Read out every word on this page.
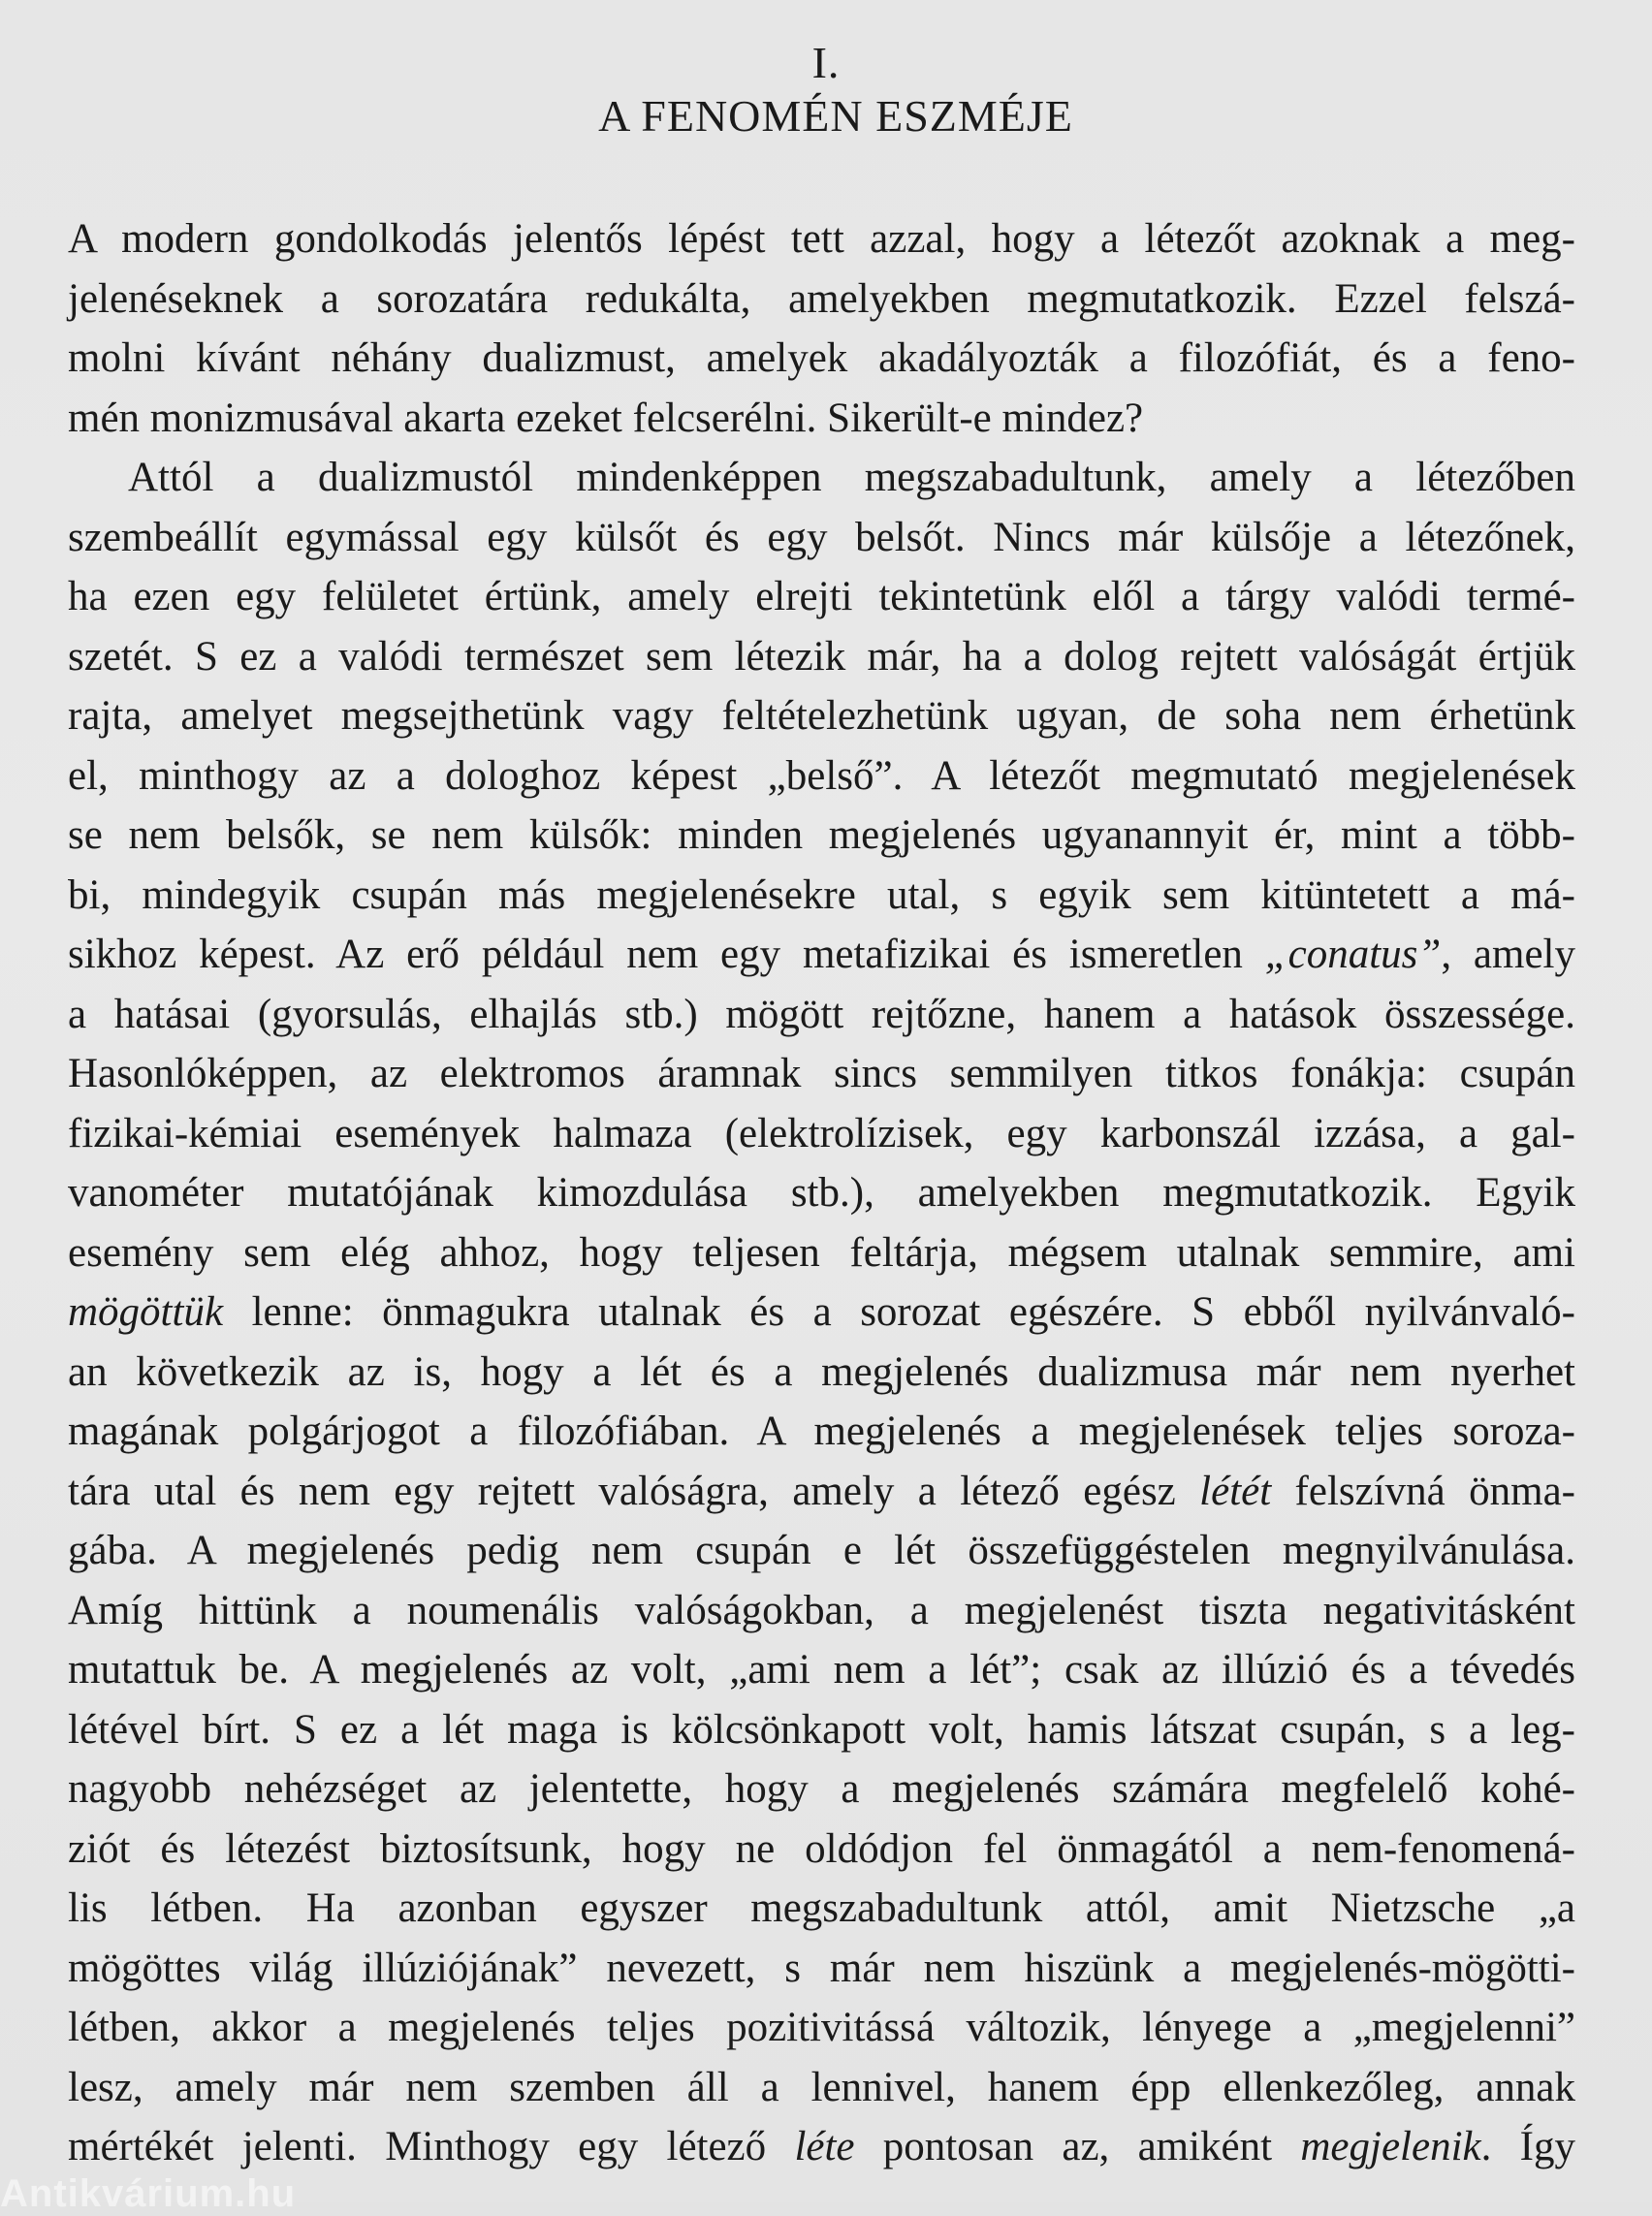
I.
A FENOMÉN ESZMÉJE
A modern gondolkodás jelentős lépést tett azzal, hogy a létezőt azoknak a meg-
jelenéseknek a sorozatára redukálta, amelyekben megmutatkozik. Ezzel felszá-
molni kívánt néhány dualizmust, amelyek akadályozták a filozófiát, és a feno-
mén monizmusával akarta ezeket felcserélni. Sikerült-e mindez?
Attól a dualizmustól mindenképpen megszabadultunk, amely a létezőben
szembeállít egymással egy külsőt és egy belsőt. Nincs már külsője a létezőnek,
ha ezen egy felületet értünk, amely elrejti tekintetünk elől a tárgy valódi termé-
szetét. S ez a valódi természet sem létezik már, ha a dolog rejtett valóságát értjük
rajta, amelyet megsejthetünk vagy feltételezhetünk ugyan, de soha nem érhetünk
el, minthogy az a dologhoz képest „belső”. A létezőt megmutató megjelenések
se nem belsők, se nem külsők: minden megjelenés ugyanannyit ér, mint a több-
bi, mindegyik csupán más megjelenésekre utal, s egyik sem kitüntetett a má-
sikhoz képest. Az erő például nem egy metafizikai és ismeretlen „conatus”, amely
a hatásai (gyorsulás, elhajlás stb.) mögött rejtőzne, hanem a hatások összessége.
Hasonlóképpen, az elektromos áramnak sincs semmilyen titkos fonákja: csupán
fizikai-kémiai események halmaza (elektrolízisek, egy karbonszál izzása, a gal-
vanométer mutatójának kimozdulása stb.), amelyekben megmutatkozik. Egyik
esemény sem elég ahhoz, hogy teljesen feltárja, mégsem utalnak semmire, ami
mögöttük lenne: önmagukra utalnak és a sorozat egészére. S ebből nyilvánvaló-
an következik az is, hogy a lét és a megjelenés dualizmusa már nem nyerhet
magának polgárjogot a filozófiában. A megjelenés a megjelenések teljes soroza-
tára utal és nem egy rejtett valóságra, amely a létező egész létét felszívná önma-
gába. A megjelenés pedig nem csupán e lét összefüggéstelen megnyilvánulása.
Amíg hittünk a noumenális valóságokban, a megjelenést tiszta negativitásként
mutattuk be. A megjelenés az volt, „ami nem a lét”; csak az illúzió és a tévedés
létével bírt. S ez a lét maga is kölcsönkapott volt, hamis látszat csupán, s a leg-
nagyobb nehézséget az jelentette, hogy a megjelenés számára megfelelő kohé-
ziót és létezést biztosítsunk, hogy ne oldódjon fel önmagától a nem-fenomená-
lis létben. Ha azonban egyszer megszabadultunk attól, amit Nietzsche „a
mögöttes világ illúziójának” nevezett, s már nem hiszünk a megjelenés-mögötti-
létben, akkor a megjelenés teljes pozitivitássá változik, lényege a „megjelenni”
lesz, amely már nem szemben áll a lennivel, hanem épp ellenkezőleg, annak
mértékét jelenti. Minthogy egy létező léte pontosan az, amiként megjelenik. Így
Antikvárium.hu
